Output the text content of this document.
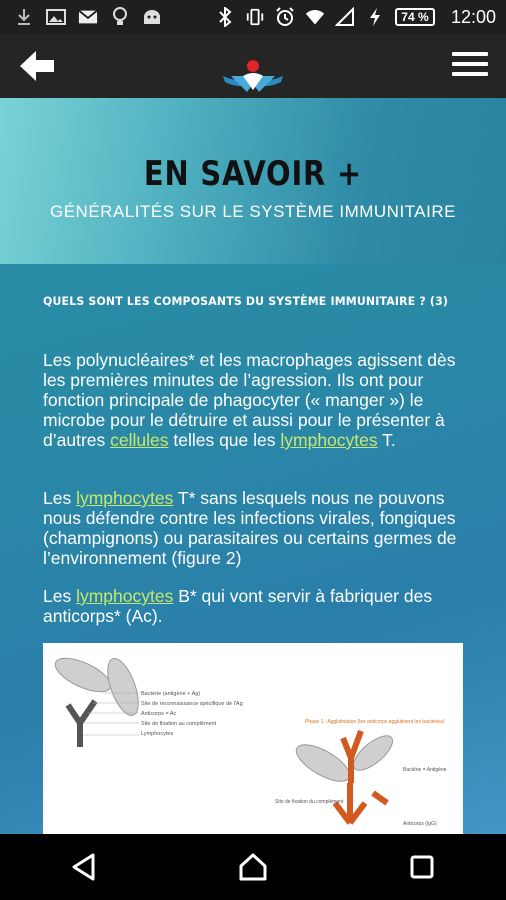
74 %	12:00
EN SAVOIR +
GÉNÉRALITÉS SUR LE SYSTÈME IMMUNITAIRE
QUELS SONT LES COMPOSANTS DU SYSTÈME IMMUNITAIRE ? (3)

Les polynucléaires* et les macrophages agissent dès les premières minutes de l’agression. Ils ont pour fonction principale de phagocyter (« manger ») le microbe pour le détruire et aussi pour le présenter à d’autres cellules telles que les lymphocytes T.

Les lymphocytes T* sans lesquels nous ne pouvons nous défendre contre les infections virales, fongiques (champignons) ou parasitaires ou certains germes de l’environnement (figure 2)

Les lymphocytes B* qui vont servir à fabriquer des anticorps* (Ac).

Bactérie (antigène + Ag)
Site de reconnaissance spécifique de l'Ag
Anticorps = Ac
Site de fixation au complément
Lymphocytes
Phase 1 : Agglutination (les anticorps agglutinent les bactéries)
Bactérie = Antigène
Site de fixation du complément
Anticorps (IgG)
